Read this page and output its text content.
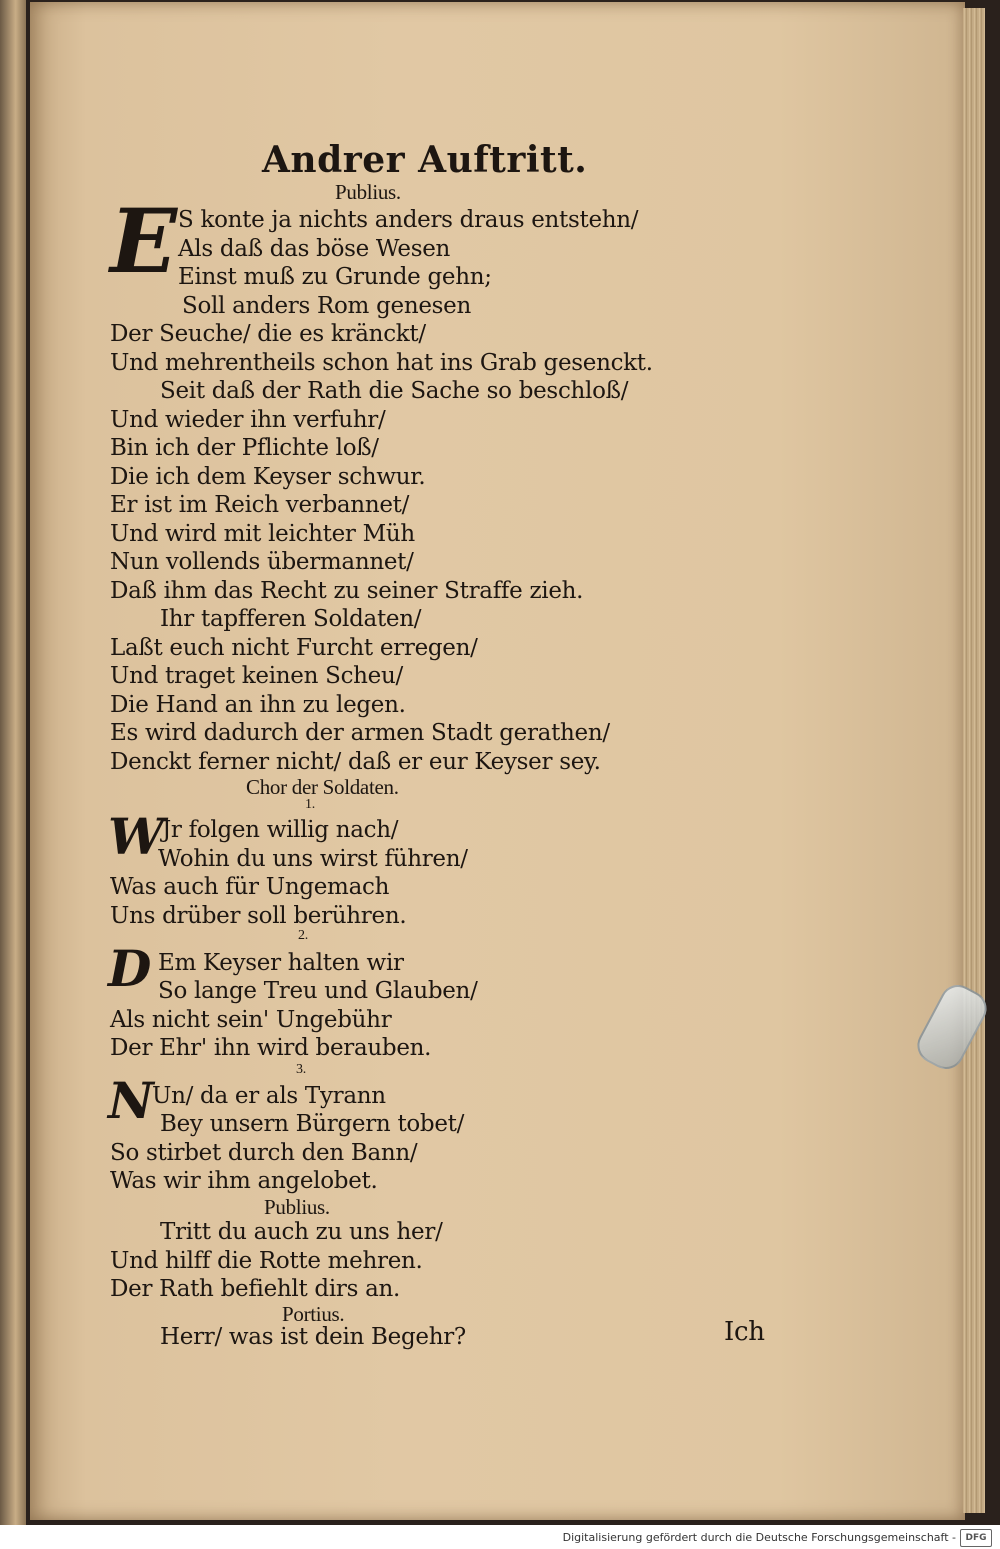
Andrer Auftritt.
Publius.
E S konte ja nichts anders draus entstehn/
Als daß das böse Wesen
Einst muß zu Grunde gehn;
Soll anders Rom genesen
Der Seuche/ die es kränckt/
Und mehrentheils schon hat ins Grab gesenckt.
Seit daß der Rath die Sache so beschloß/
Und wieder ihn verfuhr/
Bin ich der Pflichte loß/
Die ich dem Keyser schwur.
Er ist im Reich verbannet/
Und wird mit leichter Müh
Nun vollends übermannet/
Daß ihm das Recht zu seiner Straffe zieh.
Ihr tapfferen Soldaten/
Laßt euch nicht Furcht erregen/
Und traget keinen Scheu/
Die Hand an ihn zu legen.
Es wird dadurch der armen Stadt gerathen/
Denckt ferner nicht/ daß er eur Keyser sey.
Chor der Soldaten.
1.
W
Jr folgen willig nach/
Wohin du uns wirst führen/
Was auch für Ungemach
Uns drüber soll berühren.
2.
D Em Keyser halten wir
So lange Treu und Glauben/
Als nicht sein' Ungebühr
Der Ehr' ihn wird berauben.
3.
N
Un/ da er als Tyrann
Bey unsern Bürgern tobet/
So stirbet durch den Bann/
Was wir ihm angelobet.
Publius.
Tritt du auch zu uns her/
Und hilff die Rotte mehren.
Der Rath befiehlt dirs an.
Portius.
Herr/ was ist dein Begehr?	Ich
Digitalisierung gefördert durch die Deutsche Forschungsgemeinschaft -	DFG
